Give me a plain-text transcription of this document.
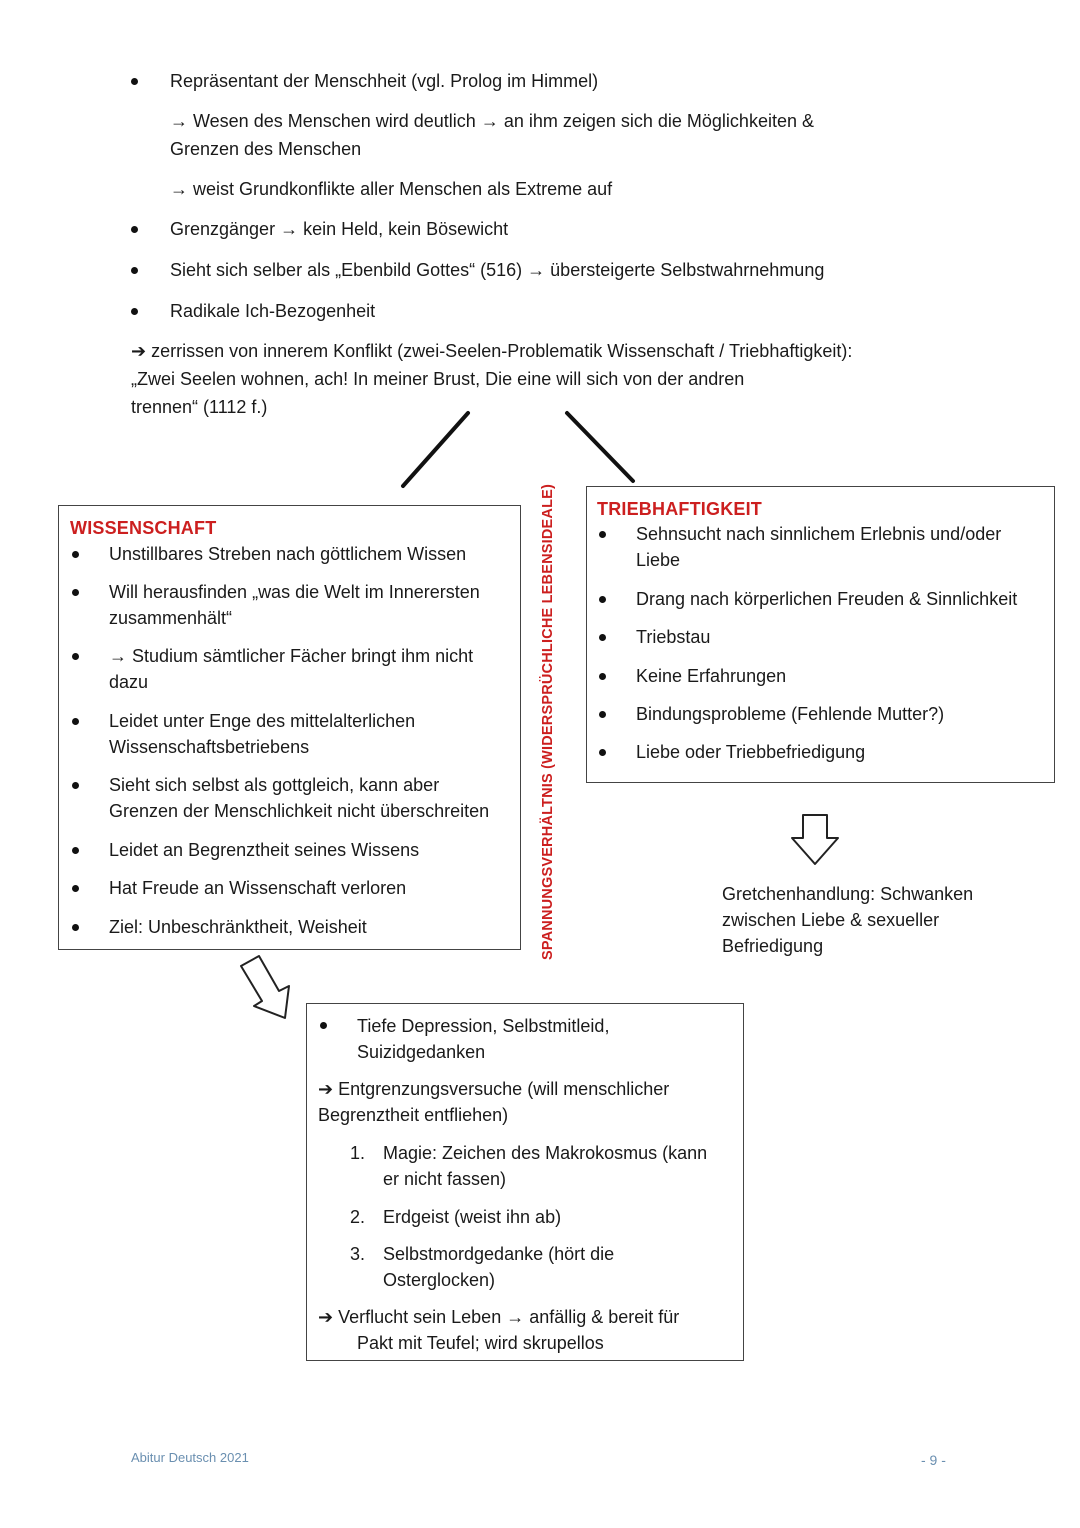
Repräsentant der Menschheit (vgl. Prolog im Himmel)
→ Wesen des Menschen wird deutlich → an ihm zeigen sich die Möglichkeiten &
Grenzen des Menschen
→ weist Grundkonflikte aller Menschen als Extreme auf
Grenzgänger → kein Held, kein Bösewicht
Sieht sich selber als „Ebenbild Gottes“ (516) → übersteigerte Selbstwahrnehmung
Radikale Ich-Bezogenheit
➔ zerrissen von innerem Konflikt (zwei-Seelen-Problematik Wissenschaft / Triebhaftigkeit):
„Zwei Seelen wohnen, ach! In meiner Brust, Die eine will sich von der andren
trennen“ (1112 f.)
WISSENSCHAFT
Unstillbares Streben nach göttlichem Wissen
Will herausfinden „was die Welt im Innerersten
zusammenhält“
→ Studium sämtlicher Fächer bringt ihm nicht
dazu
Leidet unter Enge des mittelalterlichen
Wissenschaftsbetriebens
Sieht sich selbst als gottgleich, kann aber
Grenzen der Menschlichkeit nicht überschreiten
Leidet an Begrenztheit seines Wissens
Hat Freude an Wissenschaft verloren
Ziel: Unbeschränktheit, Weisheit	SPANNUNGSVERHÄLTNIS (WIDERSPRÜCHLICHE LEBENSIDEALE) TRIEBHAFTIGKEIT
Sehnsucht nach sinnlichem Erlebnis und/oder
Liebe
Drang nach körperlichen Freuden & Sinnlichkeit
Triebstau
Keine Erfahrungen
Bindungsprobleme (Fehlende Mutter?)
Liebe oder Triebbefriedigung
Gretchenhandlung: Schwanken
zwischen Liebe & sexueller
Befriedigung
Tiefe Depression, Selbstmitleid,
Suizidgedanken
➔ Entgrenzungsversuche (will menschlicher
Begrenztheit entfliehen)
1. Magie: Zeichen des Makrokosmus (kann
er nicht fassen)
2. Erdgeist (weist ihn ab)
3. Selbstmordgedanke (hört die
Osterglocken)
➔ Verflucht sein Leben → anfällig & bereit für
Pakt mit Teufel; wird skrupellos
Abitur Deutsch 2021	- 9 -
